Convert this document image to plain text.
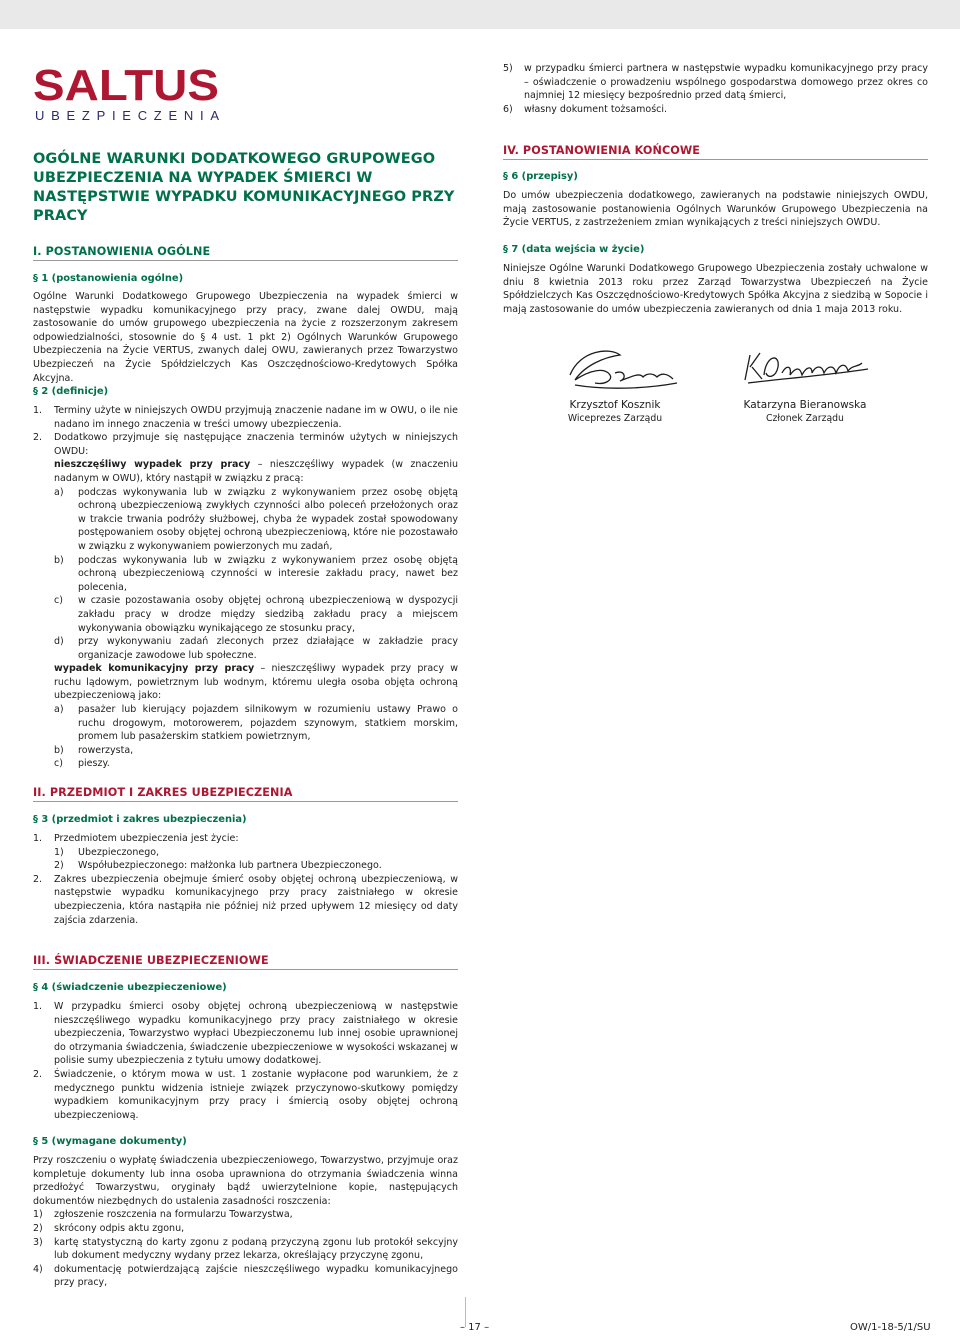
SALTUS
UBEZPIECZENIA
OGÓLNE WARUNKI DODATKOWEGO GRUPOWEGO UBEZPIECZENIA NA WYPADEK ŚMIERCI W NASTĘPSTWIE WYPADKU KOMUNIKACYJNEGO PRZY PRACY
I. POSTANOWIENIA OGÓLNE

§ 1 (postanowienia ogólne)

Ogólne Warunki Dodatkowego Grupowego Ubezpieczenia na wypadek śmierci w następstwie wypadku komunikacyjnego przy pracy, zwane dalej OWDU, mają zastosowanie do umów grupowego ubezpieczenia na życie z rozszerzonym zakresem odpowiedzialności, stosownie do § 4 ust. 1 pkt 2) Ogólnych Warunków Grupowego Ubezpieczenia na Życie VERTUS, zwanych dalej OWU, zawieranych przez Towarzystwo Ubezpieczeń na Życie Spółdzielczych Kas Oszczędnościowo-Kredytowych Spółka Akcyjna.

§ 2 (definicje)

1. Terminy użyte w niniejszych OWDU przyjmują znaczenie nadane im w OWU, o ile nie nadano im innego znaczenia w treści umowy ubezpieczenia.
2. Dodatkowo przyjmuje się następujące znaczenia terminów użytych w niniejszych OWDU:
nieszczęśliwy wypadek przy pracy – nieszczęśliwy wypadek (w znaczeniu nadanym w OWU), który nastąpił w związku z pracą:
a) podczas wykonywania lub w związku z wykonywaniem przez osobę objętą ochroną ubezpieczeniową zwykłych czynności albo poleceń przełożonych oraz w trakcie trwania podróży służbowej, chyba że wypadek został spowodowany postępowaniem osoby objętej ochroną ubezpieczeniową, które nie pozostawało w związku z wykonywaniem powierzonych mu zadań,
b) podczas wykonywania lub w związku z wykonywaniem przez osobę objętą ochroną ubezpieczeniową czynności w interesie zakładu pracy, nawet bez polecenia,
c) w czasie pozostawania osoby objętej ochroną ubezpieczeniową w dyspozycji zakładu pracy w drodze między siedzibą zakładu pracy a miejscem wykonywania obowiązku wynikającego ze stosunku pracy,
d) przy wykonywaniu zadań zleconych przez działające w zakładzie pracy organizacje zawodowe lub społeczne.
wypadek komunikacyjny przy pracy – nieszczęśliwy wypadek przy pracy w ruchu lądowym, powietrznym lub wodnym, któremu uległa osoba objęta ochroną ubezpieczeniową jako:
a) pasażer lub kierujący pojazdem silnikowym w rozumieniu ustawy Prawo o ruchu drogowym, motorowerem, pojazdem szynowym, statkiem morskim, promem lub pasażerskim statkiem powietrznym,
b) rowerzysta,
c) pieszy.
II. PRZEDMIOT I ZAKRES UBEZPIECZENIA

§ 3 (przedmiot i zakres ubezpieczenia)

1. Przedmiotem ubezpieczenia jest życie:
1) Ubezpieczonego,
2) Współubezpieczonego: małżonka lub partnera Ubezpieczonego.
2. Zakres ubezpieczenia obejmuje śmierć osoby objętej ochroną ubezpieczeniową, w następstwie wypadku komunikacyjnego przy pracy zaistniałego w okresie ubezpieczenia, która nastąpiła nie później niż przed upływem 12 miesięcy od daty zajścia zdarzenia.
III. ŚWIADCZENIE UBEZPIECZENIOWE

§ 4 (świadczenie ubezpieczeniowe)

1. W przypadku śmierci osoby objętej ochroną ubezpieczeniową w następstwie nieszczęśliwego wypadku komunikacyjnego przy pracy zaistniałego w okresie ubezpieczenia, Towarzystwo wypłaci Ubezpieczonemu lub innej osobie uprawnionej do otrzymania świadczenia, świadczenie ubezpieczeniowe w wysokości wskazanej w polisie sumy ubezpieczenia z tytułu umowy dodatkowej.
2. Świadczenie, o którym mowa w ust. 1 zostanie wypłacone pod warunkiem, że z medycznego punktu widzenia istnieje związek przyczynowo-skutkowy pomiędzy wypadkiem komunikacyjnym przy pracy i śmiercią osoby objętej ochroną ubezpieczeniową.

§ 5 (wymagane dokumenty)

Przy roszczeniu o wypłatę świadczenia ubezpieczeniowego, Towarzystwo, przyjmuje oraz kompletuje dokumenty lub inna osoba uprawniona do otrzymania świadczenia winna przedłożyć Towarzystwu, oryginały bądź uwierzytelnione kopie, następujących dokumentów niezbędnych do ustalenia zasadności roszczenia:
1) zgłoszenie roszczenia na formularzu Towarzystwa,
2) skrócony odpis aktu zgonu,
3) kartę statystyczną do karty zgonu z podaną przyczyną zgonu lub protokół sekcyjny lub dokument medyczny wydany przez lekarza, określający przyczynę zgonu,
4) dokumentację potwierdzającą zajście nieszczęśliwego wypadku komunikacyjnego przy pracy,
5) w przypadku śmierci partnera w następstwie wypadku komunikacyjnego przy pracy – oświadczenie o prowadzeniu wspólnego gospodarstwa domowego przez okres co najmniej 12 miesięcy bezpośrednio przed datą śmierci,
6) własny dokument tożsamości.
IV. POSTANOWIENIA KOŃCOWE

§ 6 (przepisy)

Do umów ubezpieczenia dodatkowego, zawieranych na podstawie niniejszych OWDU, mają zastosowanie postanowienia Ogólnych Warunków Grupowego Ubezpieczenia na Życie VERTUS, z zastrzeżeniem zmian wynikających z treści niniejszych OWDU.

§ 7 (data wejścia w życie)

Niniejsze Ogólne Warunki Dodatkowego Grupowego Ubezpieczenia zostały uchwalone w dniu 8 kwietnia 2013 roku przez Zarząd Towarzystwa Ubezpieczeń na Życie Spółdzielczych Kas Oszczędnościowo-Kredytowych Spółka Akcyjna z siedzibą w Sopocie i mają zastosowanie do umów ubezpieczenia zawieranych od dnia 1 maja 2013 roku.

Krzysztof Kosznik
Wiceprezes Zarządu
Katarzyna Bieranowska
Członek Zarządu
– 17 –	OW/1-18-5/1/SU
